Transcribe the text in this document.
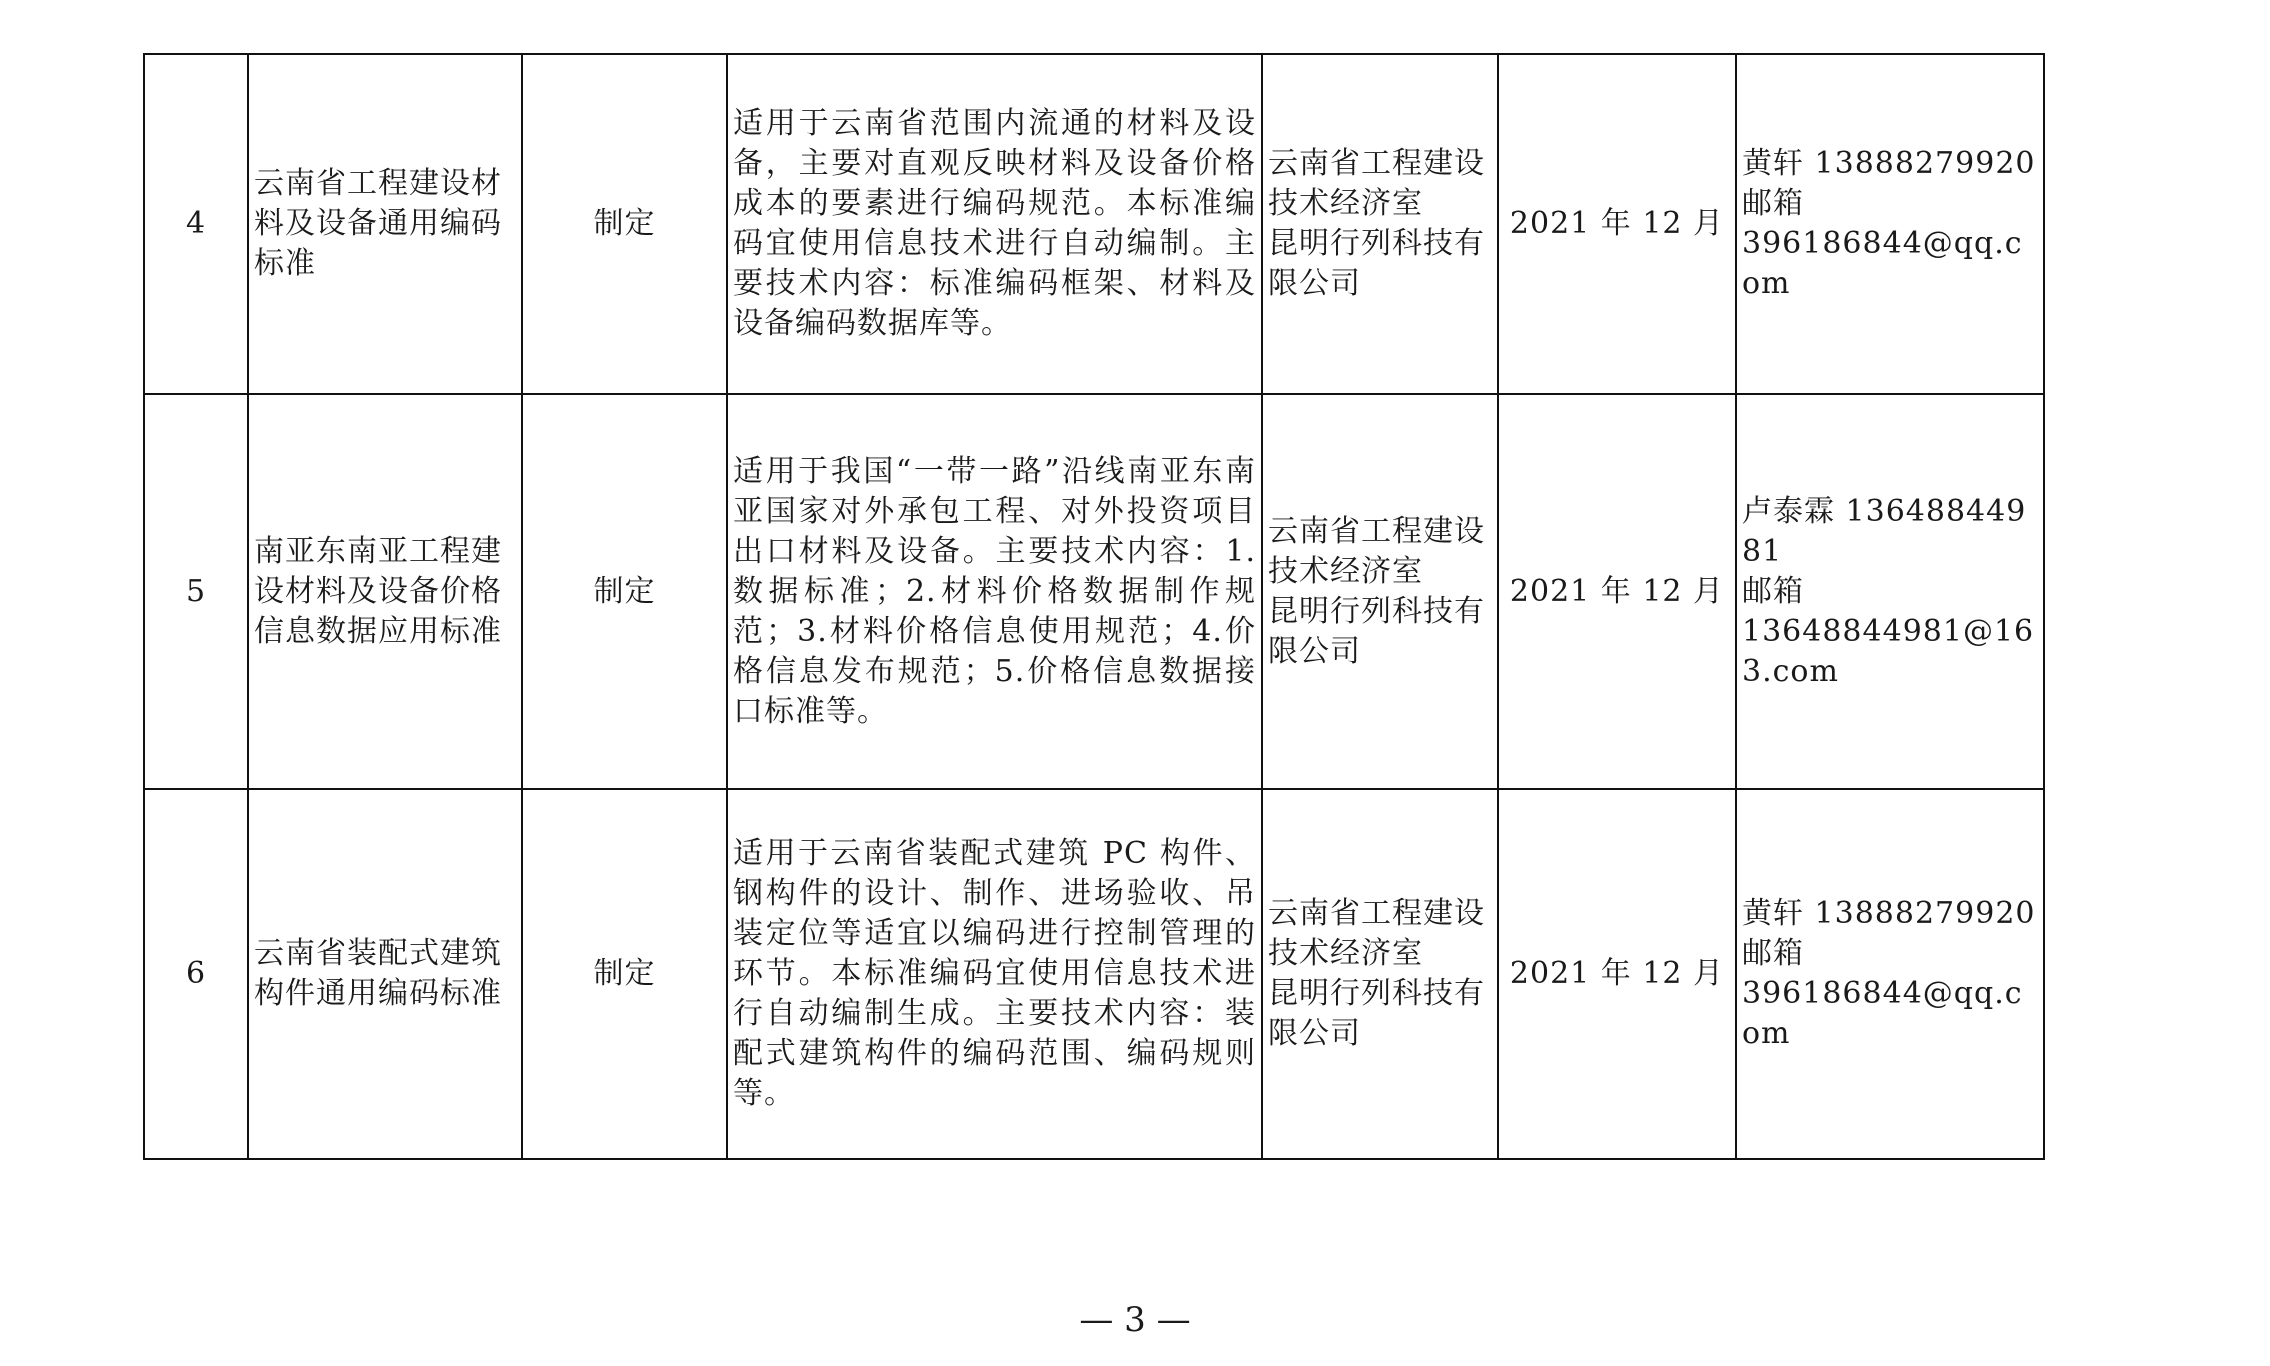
4	云南省工程建设材料及设备通用编码标准	制定	适用于云南省范围内流通的材料及设备，主要对直观反映材料及设备价格成本的要素进行编码规范。本标准编码宜使用信息技术进行自动编制。主要技术内容：标准编码框架、材料及设备编码数据库等。	云南省工程建设
技术经济室
昆明行列科技有
限公司	2021 年 12 月	黄轩 13888279920
邮箱
396186844@qq.com

5	南亚东南亚工程建设材料及设备价格信息数据应用标准	制定	适用于我国“一带一路”沿线南亚东南亚国家对外承包工程、对外投资项目出口材料及设备。主要技术内容：1.数据标准；2.材料价格数据制作规范；3.材料价格信息使用规范；4.价格信息发布规范；5.价格信息数据接口标准等。	云南省工程建设
技术经济室
昆明行列科技有
限公司	2021 年 12 月	卢泰霖 13648844981
邮箱
13648844981@163.com

6	云南省装配式建筑构件通用编码标准	制定	适用于云南省装配式建筑 PC 构件、钢构件的设计、制作、进场验收、吊装定位等适宜以编码进行控制管理的环节。本标准编码宜使用信息技术进行自动编制生成。主要技术内容：装配式建筑构件的编码范围、编码规则等。	云南省工程建设
技术经济室
昆明行列科技有
限公司	2021 年 12 月	黄轩 13888279920
邮箱
396186844@qq.com
— 3 —
